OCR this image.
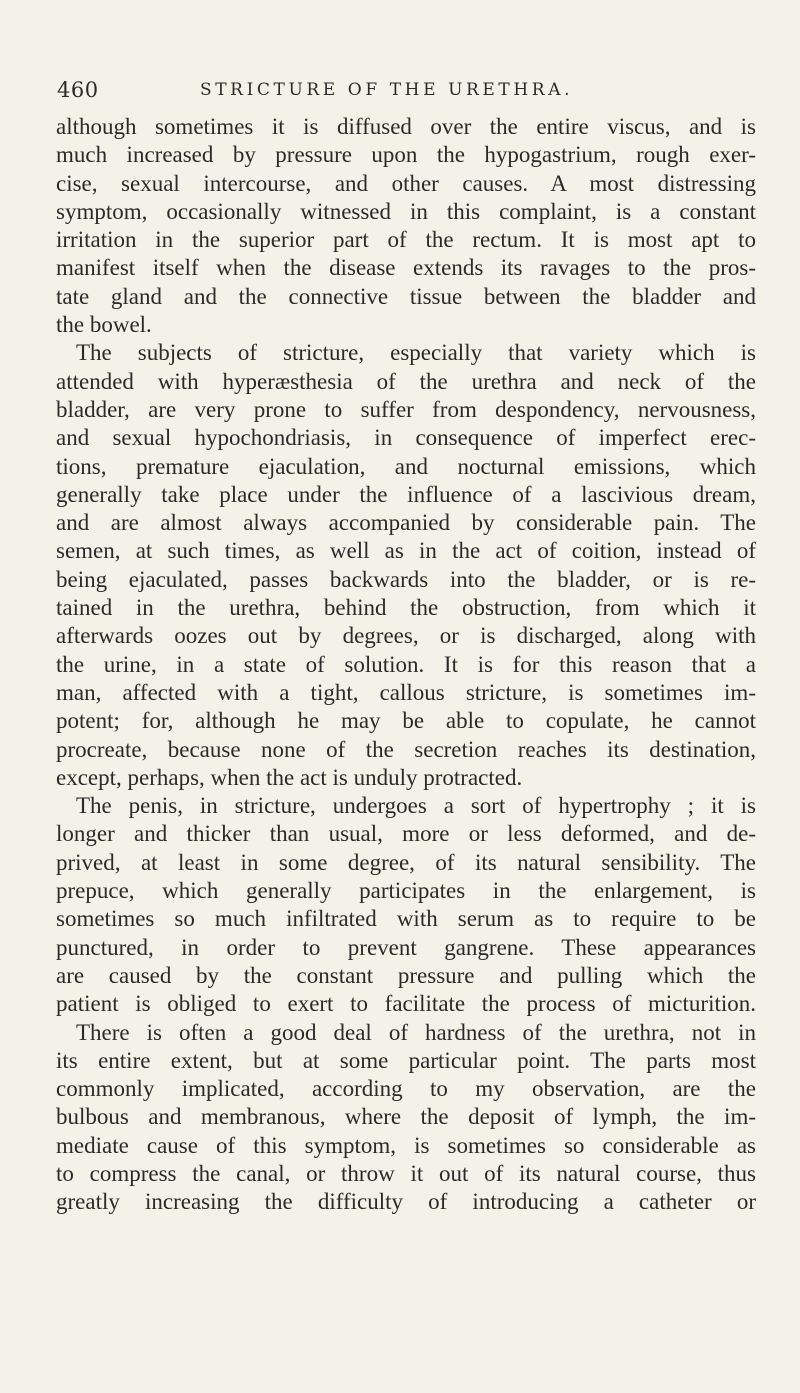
460	STRICTURE OF THE URETHRA.
although sometimes it is diffused over the entire viscus, and is
much increased by pressure upon the hypogastrium, rough exer-
cise, sexual intercourse, and other causes. A most distressing
symptom, occasionally witnessed in this complaint, is a constant
irritation in the superior part of the rectum. It is most apt to
manifest itself when the disease extends its ravages to the pros-
tate gland and the connective tissue between the bladder and
the bowel.
The subjects of stricture, especially that variety which is
attended with hyperæsthesia of the urethra and neck of the
bladder, are very prone to suffer from despondency, nervousness,
and sexual hypochondriasis, in consequence of imperfect erec-
tions, premature ejaculation, and nocturnal emissions, which
generally take place under the influence of a lascivious dream,
and are almost always accompanied by considerable pain. The
semen, at such times, as well as in the act of coition, instead of
being ejaculated, passes backwards into the bladder, or is re-
tained in the urethra, behind the obstruction, from which it
afterwards oozes out by degrees, or is discharged, along with
the urine, in a state of solution. It is for this reason that a
man, affected with a tight, callous stricture, is sometimes im-
potent; for, although he may be able to copulate, he cannot
procreate, because none of the secretion reaches its destination,
except, perhaps, when the act is unduly protracted.
The penis, in stricture, undergoes a sort of hypertrophy ; it is
longer and thicker than usual, more or less deformed, and de-
prived, at least in some degree, of its natural sensibility. The
prepuce, which generally participates in the enlargement, is
sometimes so much infiltrated with serum as to require to be
punctured, in order to prevent gangrene. These appearances
are caused by the constant pressure and pulling which the
patient is obliged to exert to facilitate the process of micturition.
There is often a good deal of hardness of the urethra, not in
its entire extent, but at some particular point. The parts most
commonly implicated, according to my observation, are the
bulbous and membranous, where the deposit of lymph, the im-
mediate cause of this symptom, is sometimes so considerable as
to compress the canal, or throw it out of its natural course, thus
greatly increasing the difficulty of introducing a catheter or
